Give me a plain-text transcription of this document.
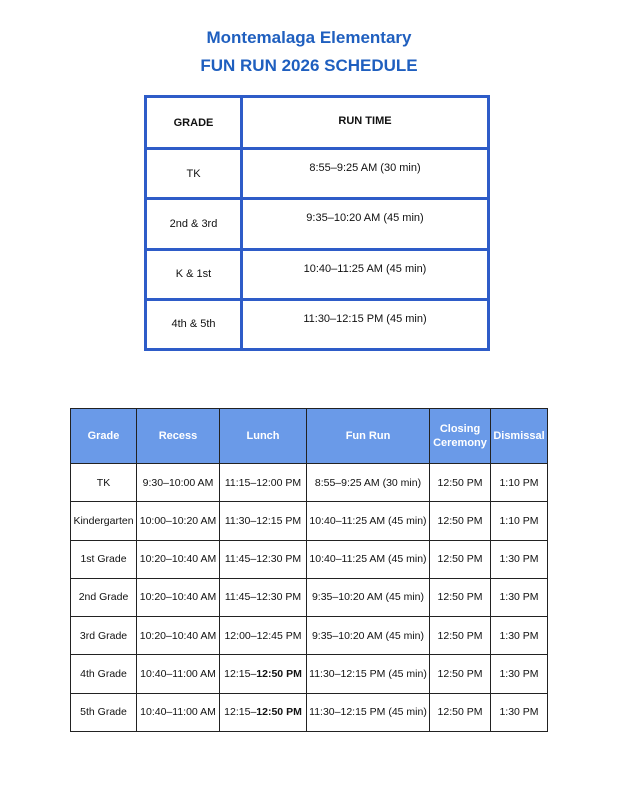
Montemalaga Elementary
FUN RUN 2026 SCHEDULE
GRADE	RUN TIME
TK	8:55–9:25 AM (30 min)
2nd & 3rd	9:35–10:20 AM (45 min)
K & 1st	10:40–11:25 AM (45 min)
4th & 5th	11:30–12:15 PM (45 min)
Grade	Recess	Lunch	Fun Run	Closing Ceremony	Dismissal
TK	9:30–10:00 AM	11:15–12:00 PM	8:55–9:25 AM (30 min)	12:50 PM	1:10 PM
Kindergarten	10:00–10:20 AM	11:30–12:15 PM	10:40–11:25 AM (45 min)	12:50 PM	1:10 PM
1st Grade	10:20–10:40 AM	11:45–12:30 PM	10:40–11:25 AM (45 min)	12:50 PM	1:30 PM
2nd Grade	10:20–10:40 AM	11:45–12:30 PM	9:35–10:20 AM (45 min)	12:50 PM	1:30 PM
3rd Grade	10:20–10:40 AM	12:00–12:45 PM	9:35–10:20 AM (45 min)	12:50 PM	1:30 PM
4th Grade	10:40–11:00 AM	12:15–12:50 PM	11:30–12:15 PM (45 min)	12:50 PM	1:30 PM
5th Grade	10:40–11:00 AM	12:15–12:50 PM	11:30–12:15 PM (45 min)	12:50 PM	1:30 PM
